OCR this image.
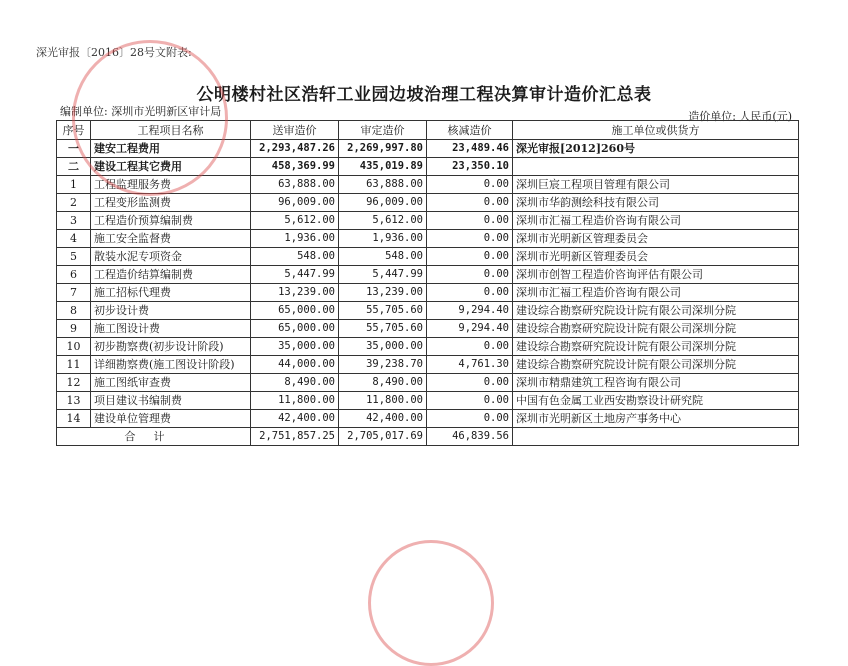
深光审报〔2016〕28号文附表:
公明楼村社区浩轩工业园边坡治理工程决算审计造价汇总表
编制单位: 深圳市光明新区审计局	造价单位: 人民币(元)
序号	工程项目名称	送审造价	审定造价	核减造价	施工单位或供货方
一	建安工程费用	2,293,487.26	2,269,997.80	23,489.46	深光审报[2012]260号
二	建设工程其它费用	458,369.99	435,019.89	23,350.10	
1	工程监理服务费	63,888.00	63,888.00	0.00	深圳巨宸工程项目管理有限公司
2	工程变形监测费	96,009.00	96,009.00	0.00	深圳市华韵测绘科技有限公司
3	工程造价预算编制费	5,612.00	5,612.00	0.00	深圳市汇福工程造价咨询有限公司
4	施工安全监督费	1,936.00	1,936.00	0.00	深圳市光明新区管理委员会
5	散装水泥专项资金	548.00	548.00	0.00	深圳市光明新区管理委员会
6	工程造价结算编制费	5,447.99	5,447.99	0.00	深圳市创智工程造价咨询评估有限公司
7	施工招标代理费	13,239.00	13,239.00	0.00	深圳市汇福工程造价咨询有限公司
8	初步设计费	65,000.00	55,705.60	9,294.40	建设综合勘察研究院设计院有限公司深圳分院
9	施工图设计费	65,000.00	55,705.60	9,294.40	建设综合勘察研究院设计院有限公司深圳分院
10	初步勘察费(初步设计阶段)	35,000.00	35,000.00	0.00	建设综合勘察研究院设计院有限公司深圳分院
11	详细勘察费(施工图设计阶段)	44,000.00	39,238.70	4,761.30	建设综合勘察研究院设计院有限公司深圳分院
12	施工图纸审查费	8,490.00	8,490.00	0.00	深圳市精鼎建筑工程咨询有限公司
13	项目建议书编制费	11,800.00	11,800.00	0.00	中国有色金属工业西安勘察设计研究院
14	建设单位管理费	42,400.00	42,400.00	0.00	深圳市光明新区土地房产事务中心
合计		2,751,857.25	2,705,017.69	46,839.56	
